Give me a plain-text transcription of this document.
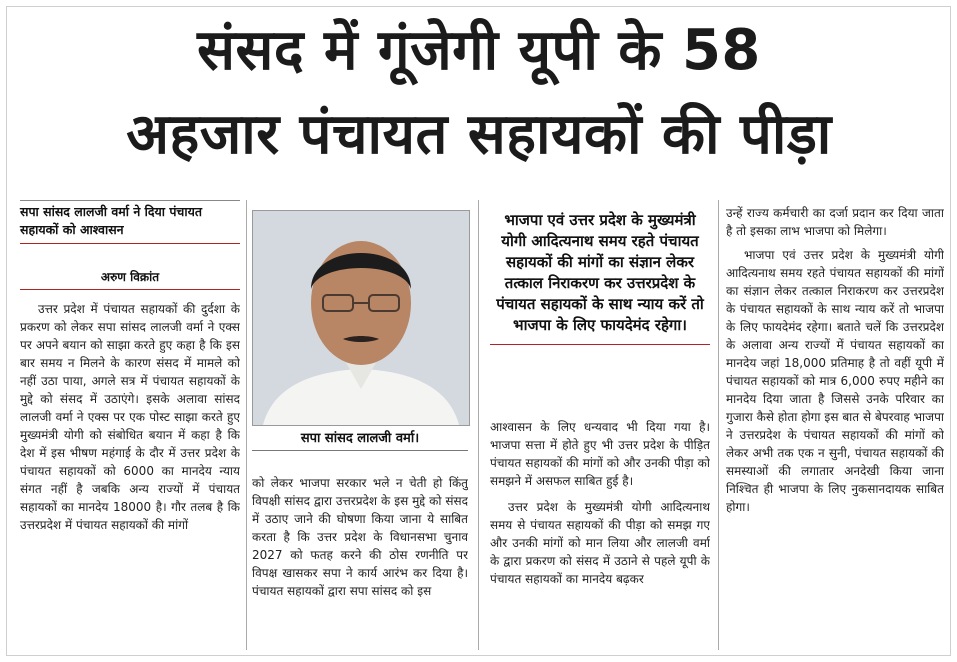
संसद में गूंजेगी यूपी के 58
अहजार पंचायत सहायकों की पीड़ा
सपा सांसद लालजी वर्मा ने दिया पंचायत सहायकों को आश्वासन
अरुण विक्रांत

उत्तर प्रदेश में पंचायत सहायकों की दुर्दशा के प्रकरण को लेकर सपा सांसद लालजी वर्मा ने एक्स पर अपने बयान को साझा करते हुए कहा है कि इस बार समय न मिलने के कारण संसद में मामले को नहीं उठा पाया, अगले सत्र में पंचायत सहायकों के मुद्दे को संसद में उठाएंगे। इसके अलावा सांसद लालजी वर्मा ने एक्स पर एक पोस्ट साझा करते हुए मुख्यमंत्री योगी को संबोधित बयान में कहा है कि देश में इस भीषण महंगाई के दौर में उत्तर प्रदेश के पंचायत सहायकों को 6000 का मानदेय न्याय संगत नहीं है जबकि अन्य राज्यों में पंचायत सहायकों का मानदेय 18000 है। गौर तलब है कि उत्तरप्रदेश में पंचायत सहायकों की मांगों

सपा सांसद लालजी वर्मा।

को लेकर भाजपा सरकार भले न चेती हो किंतु विपक्षी सांसद द्वारा उत्तरप्रदेश के इस मुद्दे को संसद में उठाए जाने की घोषणा किया जाना ये साबित करता है कि उत्तर प्रदेश के विधानसभा चुनाव 2027 को फतह करने की ठोस रणनीति पर विपक्ष खासकर सपा ने कार्य आरंभ कर दिया है। पंचायत सहायकों द्वारा सपा सांसद को इस

भाजपा एवं उत्तर प्रदेश के मुख्यमंत्री योगी आदित्यनाथ समय रहते पंचायत सहायकों की मांगों का संज्ञान लेकर तत्काल निराकरण कर उत्तरप्रदेश के पंचायत सहायकों के साथ न्याय करें तो भाजपा के लिए फायदेमंद रहेगा।

आश्वासन के लिए धन्यवाद भी दिया गया है। भाजपा सत्ता में होते हुए भी उत्तर प्रदेश के पीड़ित पंचायत सहायकों की मांगों को और उनकी पीड़ा को समझने में असफल साबित हुई है।

उत्तर प्रदेश के मुख्यमंत्री योगी आदित्यनाथ समय से पंचायत सहायकों की पीड़ा को समझ गए और उनकी मांगों को मान लिया और लालजी वर्मा के द्वारा प्रकरण को संसद में उठाने से पहले यूपी के पंचायत सहायकों का मानदेय बढ़कर

उन्हें राज्य कर्मचारी का दर्जा प्रदान कर दिया जाता है तो इसका लाभ भाजपा को मिलेगा।

भाजपा एवं उत्तर प्रदेश के मुख्यमंत्री योगी आदित्यनाथ समय रहते पंचायत सहायकों की मांगों का संज्ञान लेकर तत्काल निराकरण कर उत्तरप्रदेश के पंचायत सहायकों के साथ न्याय करें तो भाजपा के लिए फायदेमंद रहेगा। बताते चलें कि उत्तरप्रदेश के अलावा अन्य राज्यों में पंचायत सहायकों का मानदेय जहां 18,000 प्रतिमाह है तो वहीं यूपी में पंचायत सहायकों को मात्र 6,000 रुपए महीने का मानदेय दिया जाता है जिससे उनके परिवार का गुजारा कैसे होता होगा इस बात से बेपरवाह भाजपा ने उत्तरप्रदेश के पंचायत सहायकों की मांगों को लेकर अभी तक एक न सुनी, पंचायत सहायकों की समस्याओं की लगातार अनदेखी किया जाना निश्चित ही भाजपा के लिए नुकसानदायक साबित होगा।
